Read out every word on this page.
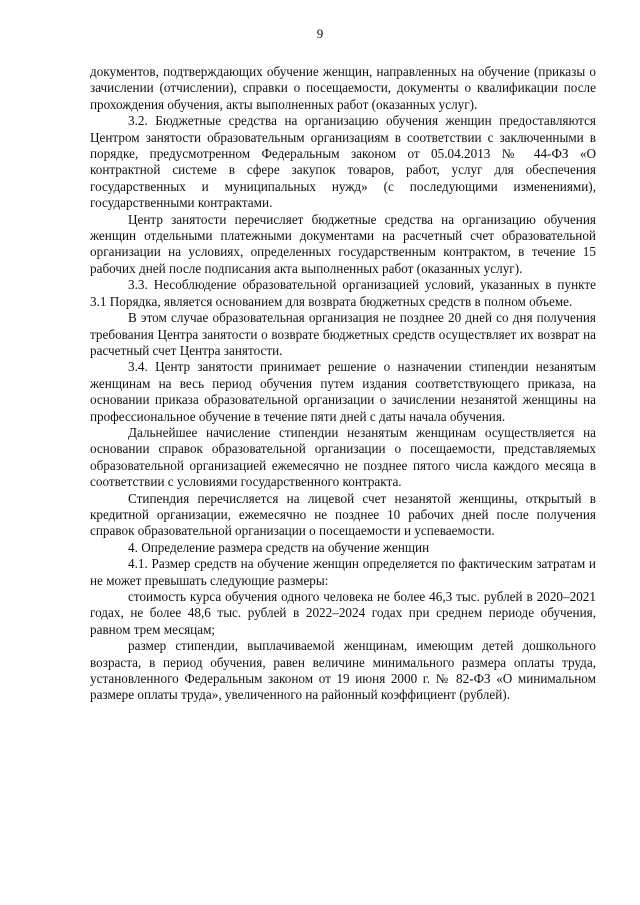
9

документов, подтверждающих обучение женщин, направленных на обучение (приказы о зачислении (отчислении), справки о посещаемости, документы о квалификации после прохождения обучения, акты выполненных работ (оказанных услуг).

3.2. Бюджетные средства на организацию обучения женщин предоставляются Центром занятости образовательным организациям в соответствии с заключенными в порядке, предусмотренном Федеральным законом от 05.04.2013 № 44-ФЗ «О контрактной системе в сфере закупок товаров, работ, услуг для обеспечения государственных и муниципальных нужд» (с последующими изменениями), государственными контрактами.

Центр занятости перечисляет бюджетные средства на организацию обучения женщин отдельными платежными документами на расчетный счет образовательной организации на условиях, определенных государственным контрактом, в течение 15 рабочих дней после подписания акта выполненных работ (оказанных услуг).

3.3. Несоблюдение образовательной организацией условий, указанных в пункте 3.1 Порядка, является основанием для возврата бюджетных средств в полном объеме.

В этом случае образовательная организация не позднее 20 дней со дня получения требования Центра занятости о возврате бюджетных средств осуществляет их возврат на расчетный счет Центра занятости.

3.4. Центр занятости принимает решение о назначении стипендии незанятым женщинам на весь период обучения путем издания соответствующего приказа, на основании приказа образовательной организации о зачислении незанятой женщины на профессиональное обучение в течение пяти дней с даты начала обучения.

Дальнейшее начисление стипендии незанятым женщинам осуществляется на основании справок образовательной организации о посещаемости, представляемых образовательной организацией ежемесячно не позднее пятого числа каждого месяца в соответствии с условиями государственного контракта.

Стипендия перечисляется на лицевой счет незанятой женщины, открытый в кредитной организации, ежемесячно не позднее 10 рабочих дней после получения справок образовательной организации о посещаемости и успеваемости.

4. Определение размера средств на обучение женщин

4.1. Размер средств на обучение женщин определяется по фактическим затратам и не может превышать следующие размеры:

стоимость курса обучения одного человека не более 46,3 тыс. рублей в 2020–2021 годах, не более 48,6 тыс. рублей в 2022–2024 годах при среднем периоде обучения, равном трем месяцам;

размер стипендии, выплачиваемой женщинам, имеющим детей дошкольного возраста, в период обучения, равен величине минимального размера оплаты труда, установленного Федеральным законом от 19 июня 2000 г. № 82-ФЗ «О минимальном размере оплаты труда», увеличенного на районный коэффициент (рублей).
